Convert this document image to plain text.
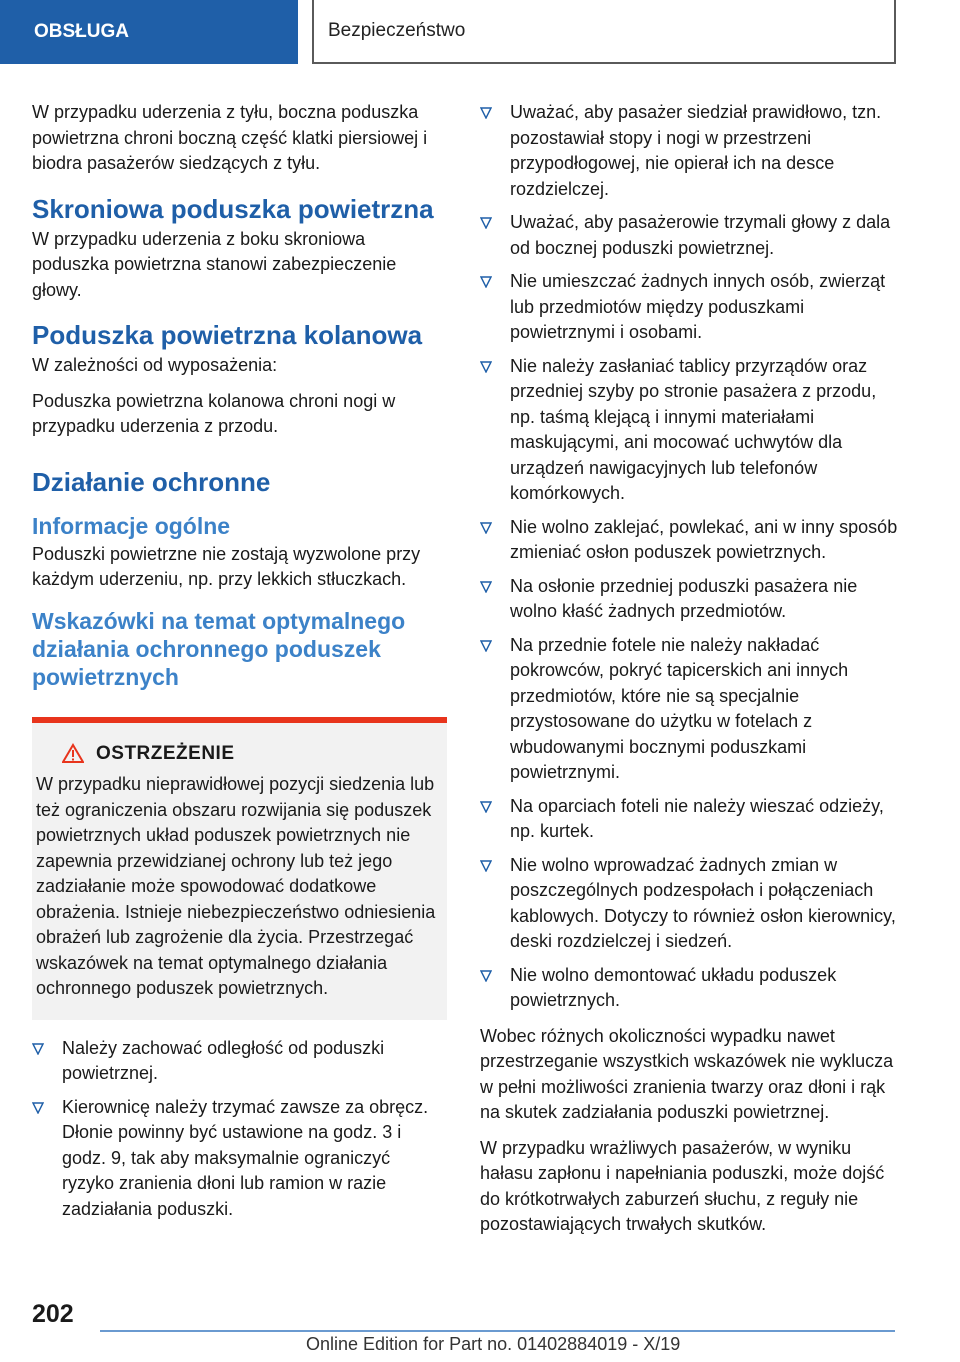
OBSŁUGA	Bezpieczeństwo

W przypadku uderzenia z tyłu, boczna poduszka powietrzna chroni boczną część klatki piersiowej i biodra pasażerów siedzących z tyłu.

Skroniowa poduszka powietrzna

W przypadku uderzenia z boku skroniowa poduszka powietrzna stanowi zabezpieczenie głowy.

Poduszka powietrzna kolanowa

W zależności od wyposażenia:

Poduszka powietrzna kolanowa chroni nogi w przypadku uderzenia z przodu.

Działanie ochronne
Informacje ogólne

Poduszki powietrzne nie zostają wyzwolone przy każdym uderzeniu, np. przy lekkich stłuczkach.

Wskazówki na temat optymalnego działania ochronnego poduszek powietrznych
OSTRZEŻENIE

W przypadku nieprawidłowej pozycji siedzenia lub też ograniczenia obszaru rozwijania się poduszek powietrznych układ poduszek powietrznych nie zapewnia przewidzianej ochrony lub też jego zadziałanie może spowodować dodatkowe obrażenia. Istnieje niebezpieczeństwo odniesienia obrażeń lub zagrożenie dla życia. Przestrzegać wskazówek na temat optymalnego działania ochronnego poduszek powietrznych.

Należy zachować odległość od poduszki powietrznej.
Kierownicę należy trzymać zawsze za obręcz. Dłonie powinny być ustawione na godz. 3 i godz. 9, tak aby maksymalnie ograniczyć ryzyko zranienia dłoni lub ramion w razie zadziałania poduszki.
Uważać, aby pasażer siedział prawidłowo, tzn. pozostawiał stopy i nogi w przestrzeni przypodłogowej, nie opierał ich na desce rozdzielczej.
Uważać, aby pasażerowie trzymali głowy z dala od bocznej poduszki powietrznej.
Nie umieszczać żadnych innych osób, zwierząt lub przedmiotów między poduszkami powietrznymi i osobami.
Nie należy zasłaniać tablicy przyrządów oraz przedniej szyby po stronie pasażera z przodu, np. taśmą klejącą i innymi materiałami maskującymi, ani mocować uchwytów dla urządzeń nawigacyjnych lub telefonów komórkowych.
Nie wolno zaklejać, powlekać, ani w inny sposób zmieniać osłon poduszek powietrznych.
Na osłonie przedniej poduszki pasażera nie wolno kłaść żadnych przedmiotów.
Na przednie fotele nie należy nakładać pokrowców, pokryć tapicerskich ani innych przedmiotów, które nie są specjalnie przystosowane do użytku w fotelach z wbudowanymi bocznymi poduszkami powietrznymi.
Na oparciach foteli nie należy wieszać odzieży, np. kurtek.
Nie wolno wprowadzać żadnych zmian w poszczególnych podzespołach i połączeniach kablowych. Dotyczy to również osłon kierownicy, deski rozdzielczej i siedzeń.
Nie wolno demontować układu poduszek powietrznych.

Wobec różnych okoliczności wypadku nawet przestrzeganie wszystkich wskazówek nie wyklucza w pełni możliwości zranienia twarzy oraz dłoni i rąk na skutek zadziałania poduszki powietrznej.

W przypadku wrażliwych pasażerów, w wyniku hałasu zapłonu i napełniania poduszki, może dojść do krótkotrwałych zaburzeń słuchu, z reguły nie pozostawiających trwałych skutków.

202
Online Edition for Part no. 01402884019 - X/19
